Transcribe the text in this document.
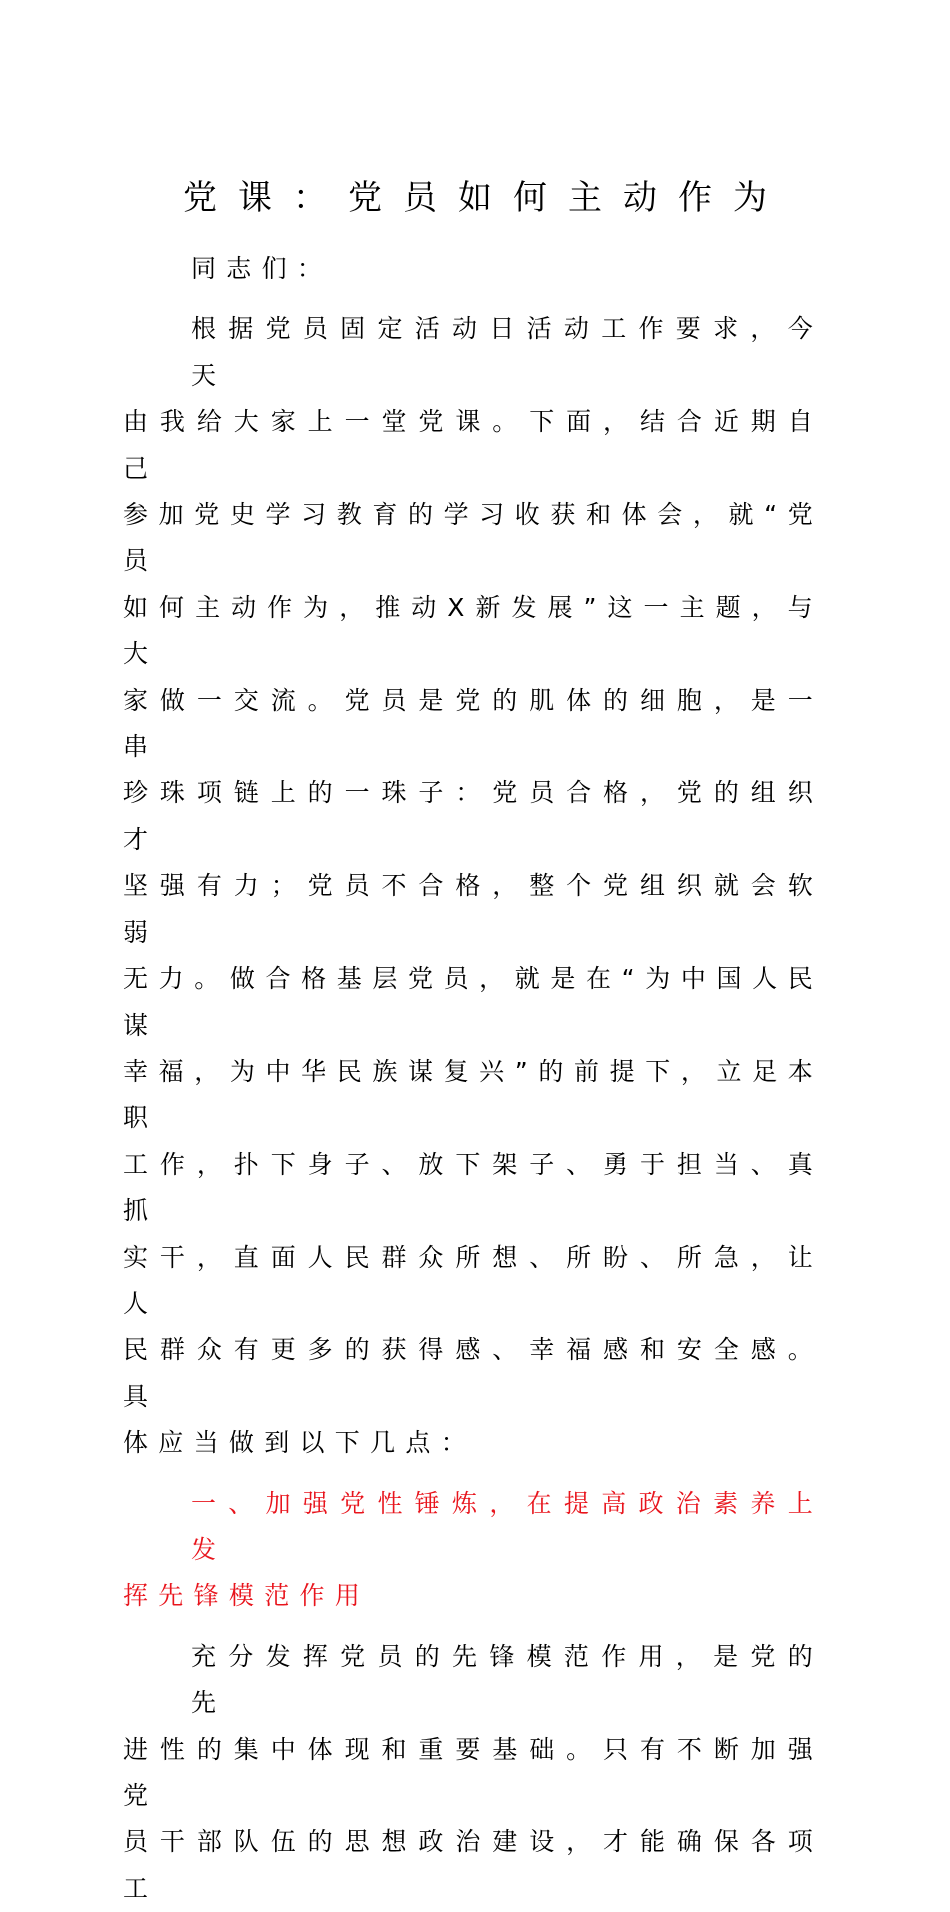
党课：党员如何主动作为

同志们：

根据党员固定活动日活动工作要求，今天
由我给大家上一堂党课。下面，结合近期自己
参加党史学习教育的学习收获和体会，就“党员
如何主动作为，推动X新发展”这一主题，与大
家做一交流。党员是党的肌体的细胞，是一串
珍珠项链上的一珠子：党员合格，党的组织才
坚强有力；党员不合格，整个党组织就会软弱
无力。做合格基层党员，就是在“为中国人民谋
幸福，为中华民族谋复兴”的前提下，立足本职
工作，扑下身子、放下架子、勇于担当、真抓
实干，直面人民群众所想、所盼、所急，让人
民群众有更多的获得感、幸福感和安全感。具
体应当做到以下几点：
一、加强党性锤炼，在提高政治素养上发
挥先锋模范作用
充分发挥党员的先锋模范作用，是党的先
进性的集中体现和重要基础。只有不断加强党
员干部队伍的思想政治建设，才能确保各项工
